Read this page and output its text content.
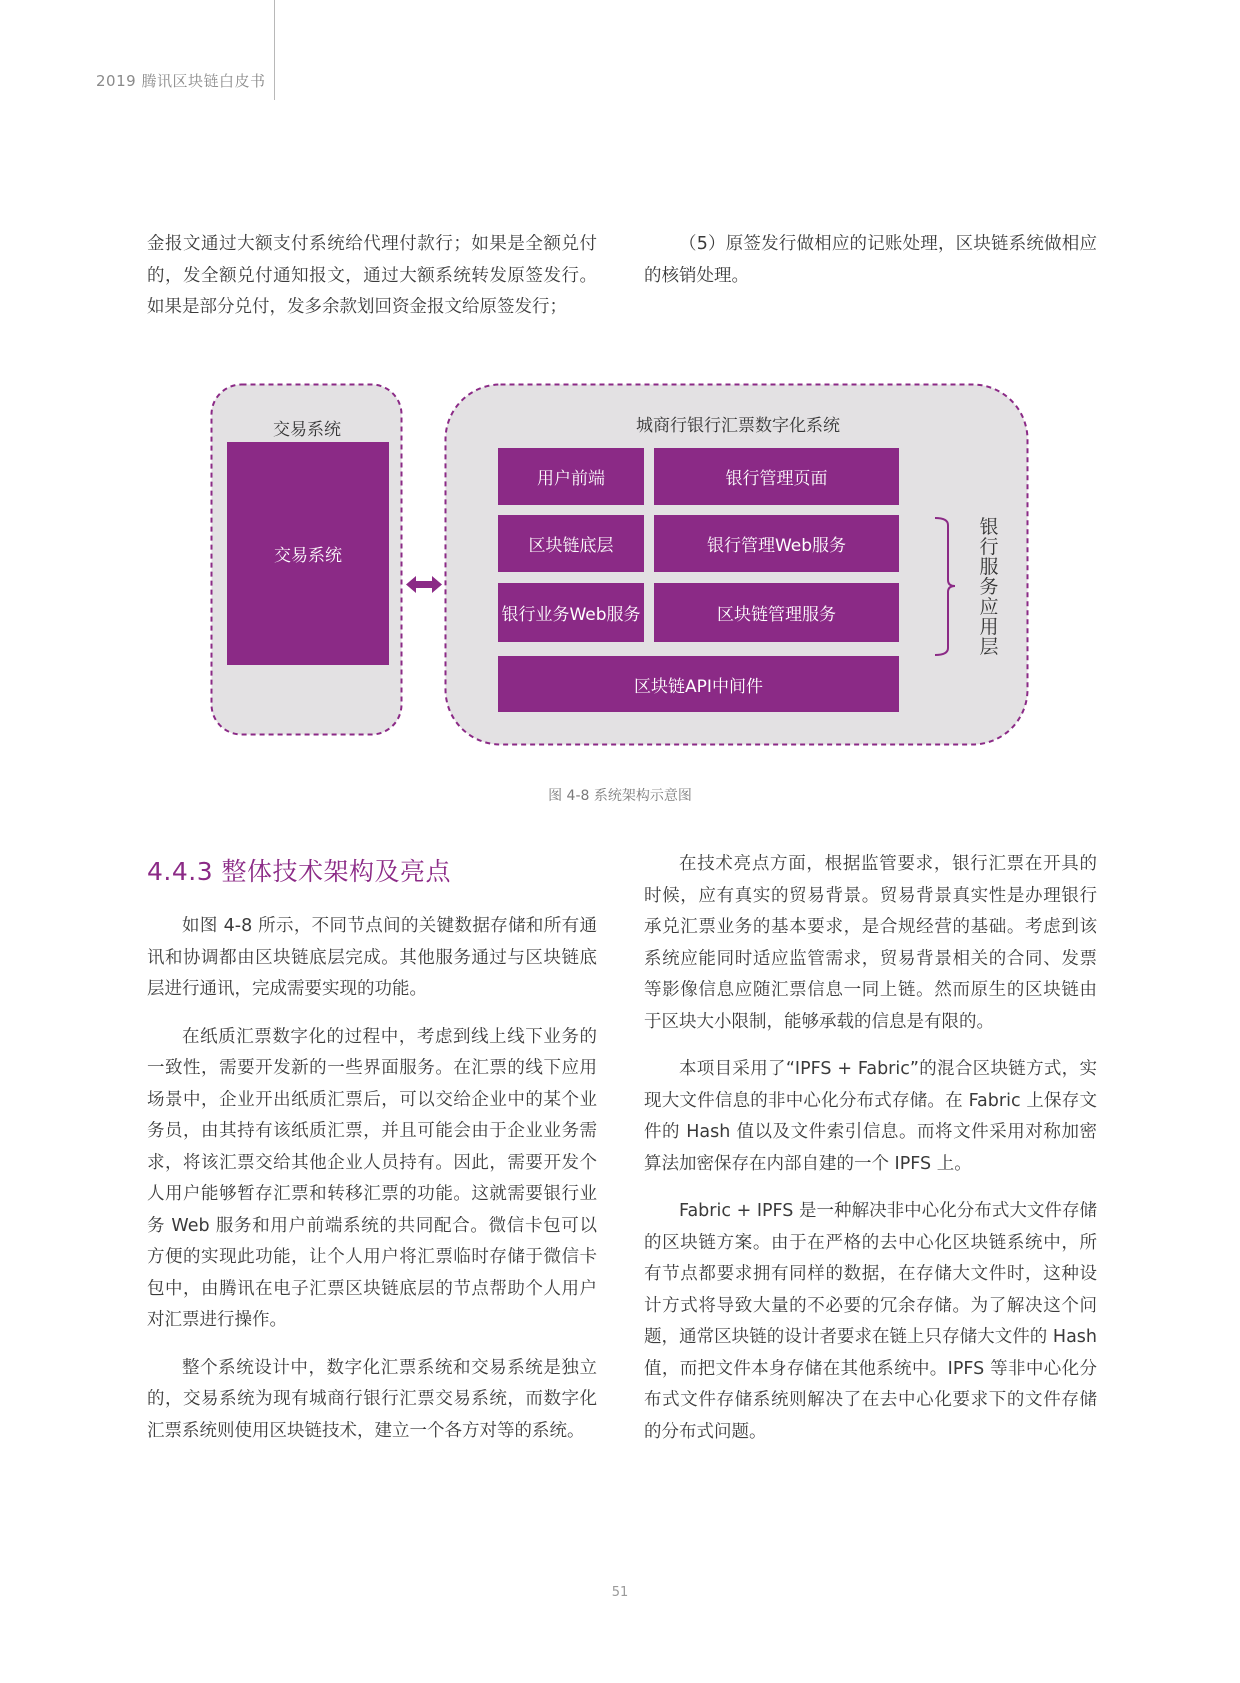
2019 腾讯区块链白皮书

金报文通过大额支付系统给代理付款行；如果是全额兑付的，发全额兑付通知报文，通过大额系统转发原签发行。如果是部分兑付，发多余款划回资金报文给原签发行；

（5）原签发行做相应的记账处理，区块链系统做相应的核销处理。

交易系统
交易系统
城商行银行汇票数字化系统
用户前端	银行管理页面
区块链底层	银行管理Web服务
银行业务Web服务	区块链管理服务
区块链API中间件
银行服务应用层
图 4-8 系统架构示意图
4.4.3 整体技术架构及亮点

如图 4-8 所示，不同节点间的关键数据存储和所有通讯和协调都由区块链底层完成。其他服务通过与区块链底层进行通讯，完成需要实现的功能。

在纸质汇票数字化的过程中，考虑到线上线下业务的一致性，需要开发新的一些界面服务。在汇票的线下应用场景中，企业开出纸质汇票后，可以交给企业中的某个业务员，由其持有该纸质汇票，并且可能会由于企业业务需求，将该汇票交给其他企业人员持有。因此，需要开发个人用户能够暂存汇票和转移汇票的功能。这就需要银行业务 Web 服务和用户前端系统的共同配合。微信卡包可以方便的实现此功能，让个人用户将汇票临时存储于微信卡包中，由腾讯在电子汇票区块链底层的节点帮助个人用户对汇票进行操作。

整个系统设计中，数字化汇票系统和交易系统是独立的，交易系统为现有城商行银行汇票交易系统，而数字化汇票系统则使用区块链技术，建立一个各方对等的系统。

在技术亮点方面，根据监管要求，银行汇票在开具的时候，应有真实的贸易背景。贸易背景真实性是办理银行承兑汇票业务的基本要求，是合规经营的基础。考虑到该系统应能同时适应监管需求，贸易背景相关的合同、发票等影像信息应随汇票信息一同上链。然而原生的区块链由于区块大小限制，能够承载的信息是有限的。

本项目采用了“IPFS + Fabric”的混合区块链方式，实现大文件信息的非中心化分布式存储。在 Fabric 上保存文件的 Hash 值以及文件索引信息。而将文件采用对称加密算法加密保存在内部自建的一个 IPFS 上。

Fabric + IPFS 是一种解决非中心化分布式大文件存储的区块链方案。由于在严格的去中心化区块链系统中，所有节点都要求拥有同样的数据，在存储大文件时，这种设计方式将导致大量的不必要的冗余存储。为了解决这个问题，通常区块链的设计者要求在链上只存储大文件的 Hash 值，而把文件本身存储在其他系统中。IPFS 等非中心化分布式文件存储系统则解决了在去中心化要求下的文件存储的分布式问题。

51
